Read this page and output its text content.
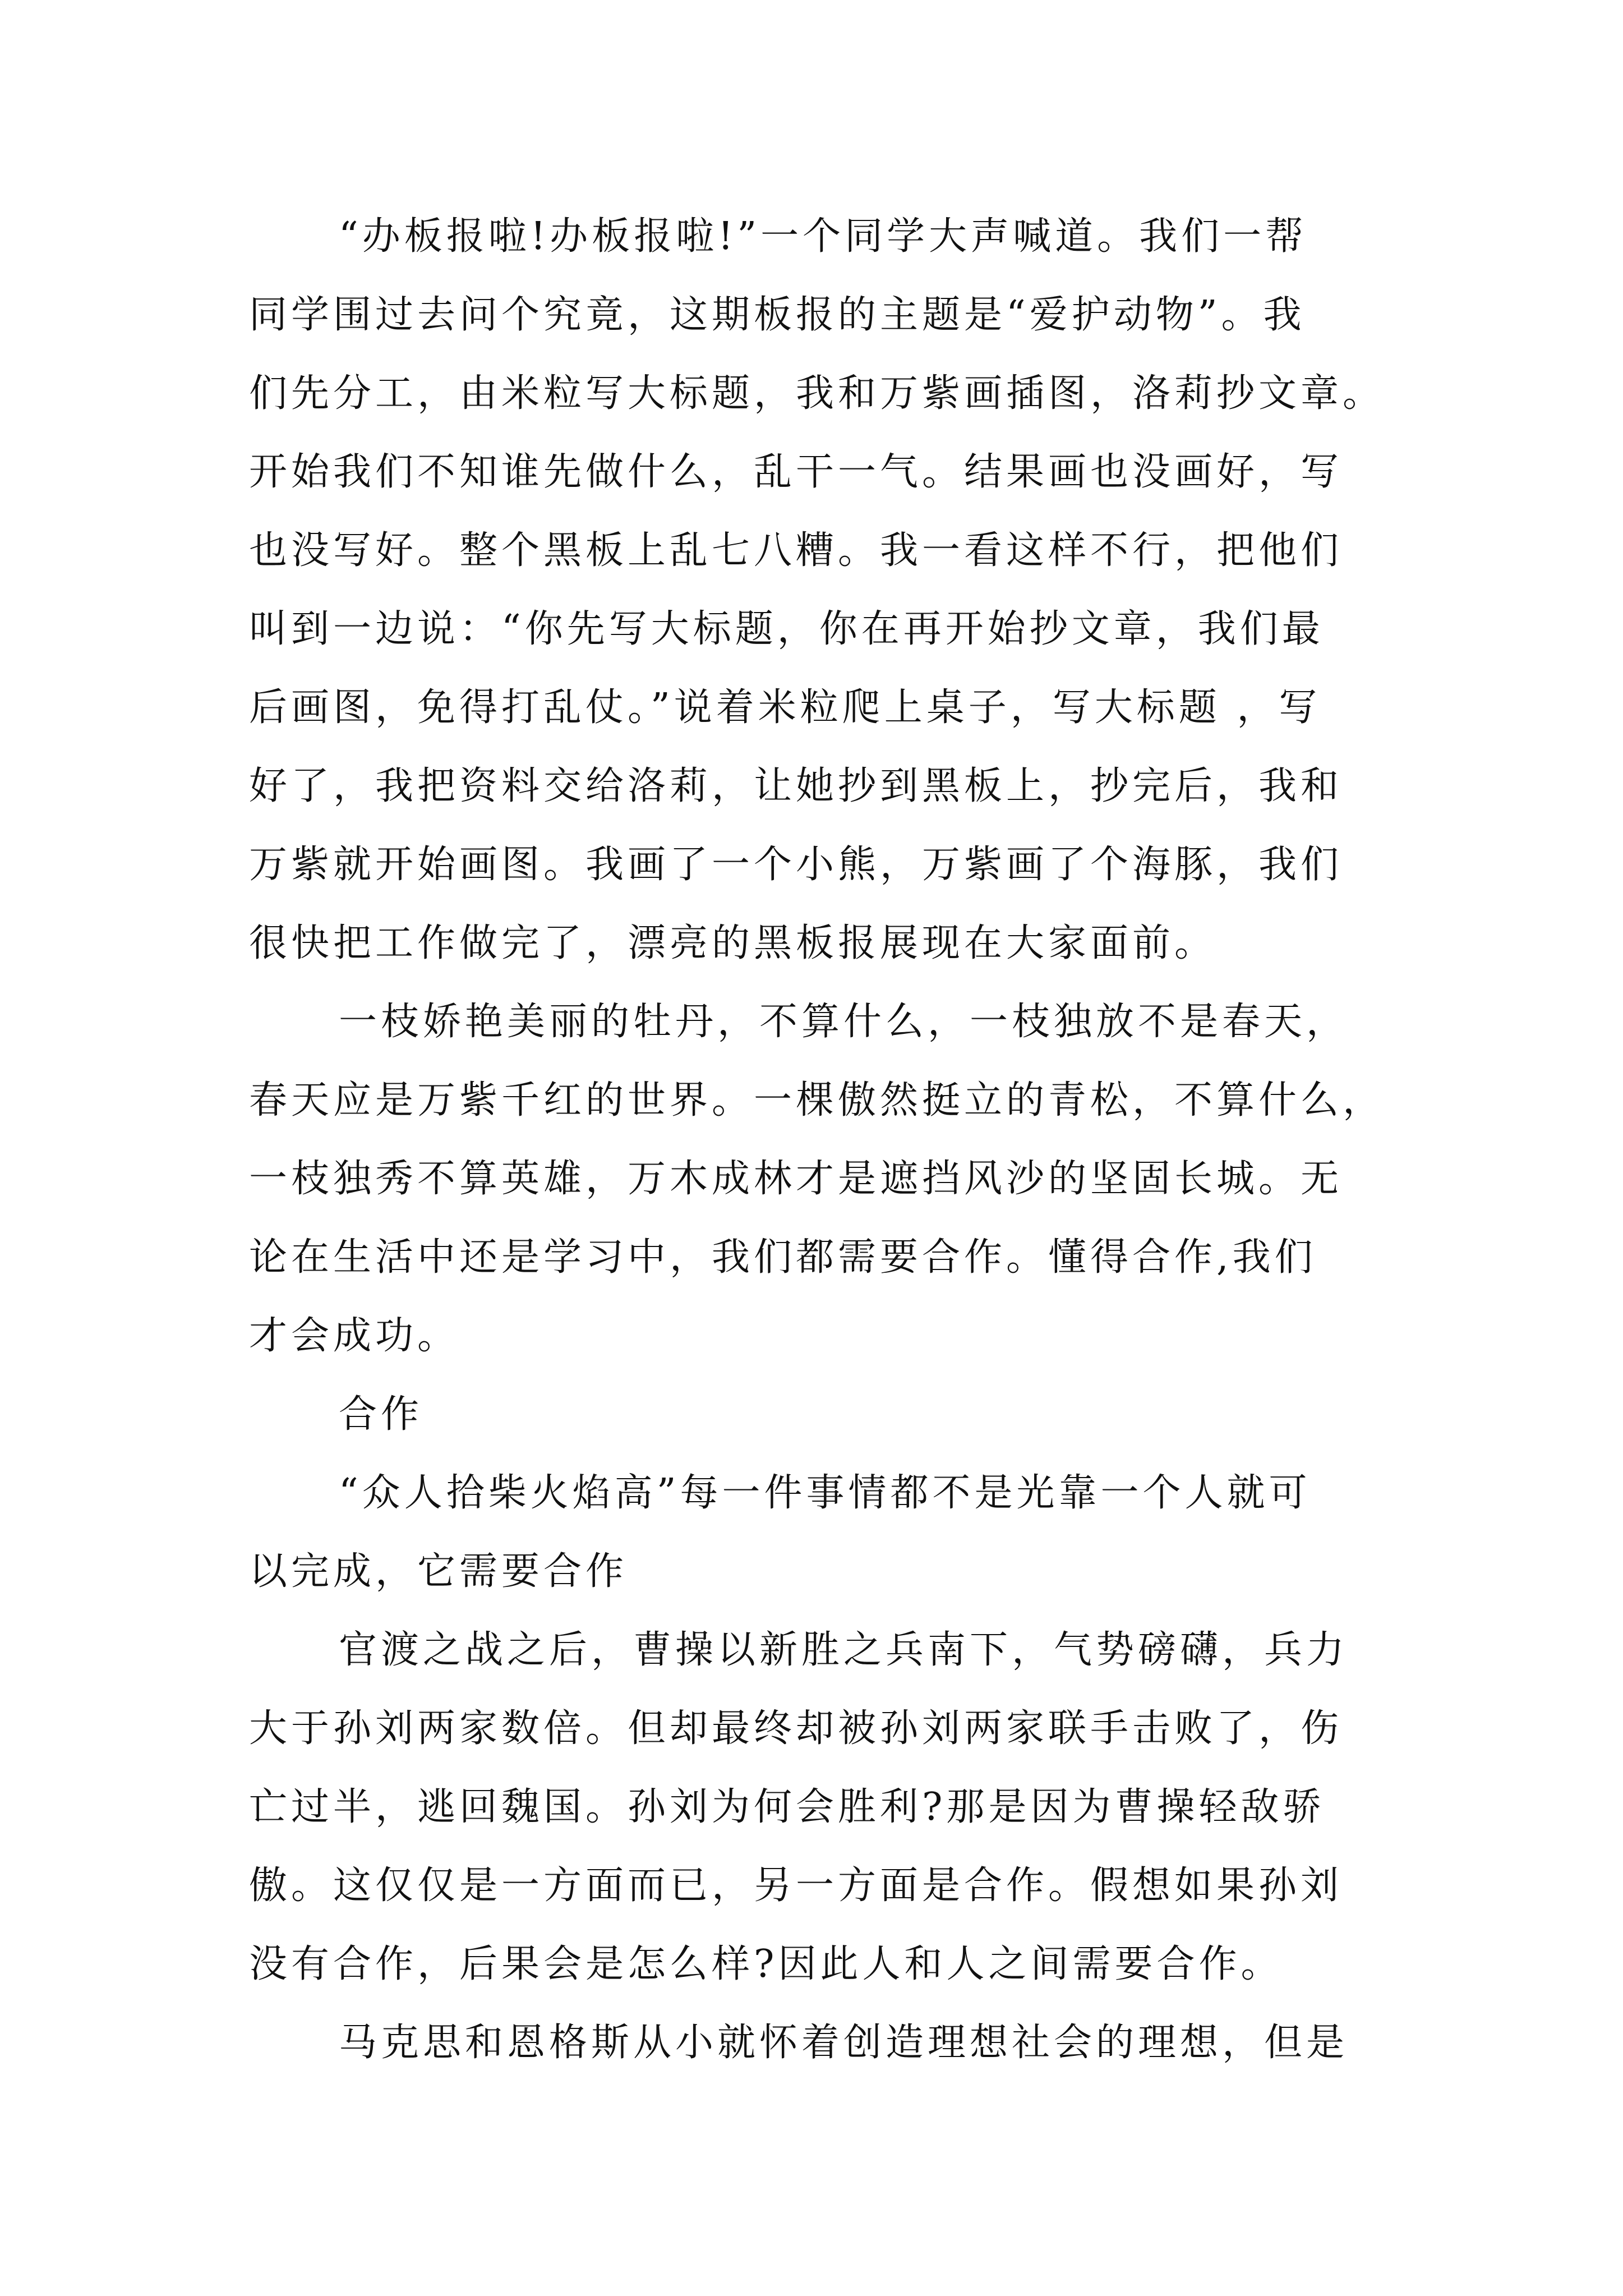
“办板报啦!办板报啦!”一个同学大声喊道。我们一帮
同学围过去问个究竟，这期板报的主题是“爱护动物”。我
们先分工，由米粒写大标题，我和万紫画插图，洛莉抄文章。
开始我们不知谁先做什么，乱干一气。结果画也没画好，写
也没写好。整个黑板上乱七八糟。我一看这样不行，把他们
叫到一边说：“你先写大标题，你在再开始抄文章，我们最
后画图，免得打乱仗。”说着米粒爬上桌子，写大标题 ，写
好了，我把资料交给洛莉，让她抄到黑板上，抄完后，我和
万紫就开始画图。我画了一个小熊，万紫画了个海豚，我们
很快把工作做完了，漂亮的黑板报展现在大家面前。
一枝娇艳美丽的牡丹，不算什么，一枝独放不是春天，
春天应是万紫千红的世界。一棵傲然挺立的青松，不算什么，
一枝独秀不算英雄，万木成林才是遮挡风沙的坚固长城。无
论在生活中还是学习中，我们都需要合作。懂得合作,我们
才会成功。
合作
“众人拾柴火焰高”每一件事情都不是光靠一个人就可
以完成，它需要合作
官渡之战之后，曹操以新胜之兵南下，气势磅礴，兵力
大于孙刘两家数倍。但却最终却被孙刘两家联手击败了，伤
亡过半，逃回魏国。孙刘为何会胜利?那是因为曹操轻敌骄
傲。这仅仅是一方面而已，另一方面是合作。假想如果孙刘
没有合作，后果会是怎么样?因此人和人之间需要合作。
马克思和恩格斯从小就怀着创造理想社会的理想，但是
